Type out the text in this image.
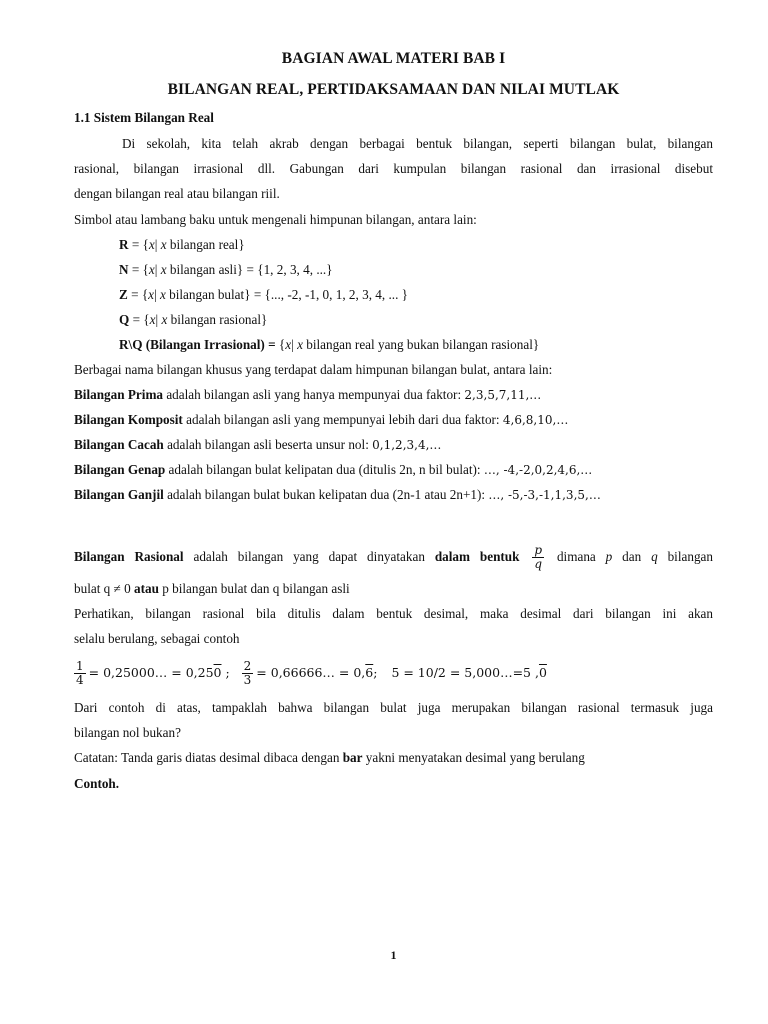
BAGIAN AWAL MATERI BAB I
BILANGAN REAL, PERTIDAKSAMAAN DAN NILAI MUTLAK
1.1 Sistem Bilangan Real
Di sekolah, kita telah akrab dengan berbagai bentuk bilangan, seperti bilangan bulat, bilangan
rasional, bilangan irrasional dll. Gabungan dari kumpulan bilangan rasional dan irrasional disebut
dengan bilangan real atau bilangan riil.
Simbol atau lambang baku untuk mengenali himpunan bilangan, antara lain:
R = {x| x bilangan real}
N = {x| x bilangan asli} = {1, 2, 3, 4, ...}
Z = {x| x bilangan bulat} = {..., -2, -1, 0, 1, 2, 3, 4, ... }
Q = {x| x bilangan rasional}
R\Q (Bilangan Irrasional) = {x| x bilangan real yang bukan bilangan rasional}
Berbagai nama bilangan khusus yang terdapat dalam himpunan bilangan bulat, antara lain:
Bilangan Prima adalah bilangan asli yang hanya mempunyai dua faktor: 2,3,5,7,11,…
Bilangan Komposit adalah bilangan asli yang mempunyai lebih dari dua faktor: 4,6,8,10,…
Bilangan Cacah adalah bilangan asli beserta unsur nol: 0,1,2,3,4,…
Bilangan Genap adalah bilangan bulat kelipatan dua (ditulis 2n, n bil bulat): …, -4,-2,0,2,4,6,…
Bilangan Ganjil adalah bilangan bulat bukan kelipatan dua (2n-1 atau 2n+1): …, -5,-3,-1,1,3,5,…
Bilangan Rasional adalah bilangan yang dapat dinyatakan dalam bentuk $\frac{p}{q}$ dimana p dan q bilangan
bulat q ≠ 0 atau p bilangan bulat dan q bilangan asli
Perhatikan, bilangan rasional bila ditulis dalam bentuk desimal, maka desimal dari bilangan ini akan
selalu berulang, sebagai contoh
$\frac{1}{4}$ = 0,25000… = 0,250 ; $\frac{2}{3}$ = 0,66666… = 0,6; 5 = 10/2 = 5,000…=5 ,0
Dari contoh di atas, tampaklah bahwa bilangan bulat juga merupakan bilangan rasional termasuk juga
bilangan nol bukan?
Catatan: Tanda garis diatas desimal dibaca dengan bar yakni menyatakan desimal yang berulang
Contoh.
1
